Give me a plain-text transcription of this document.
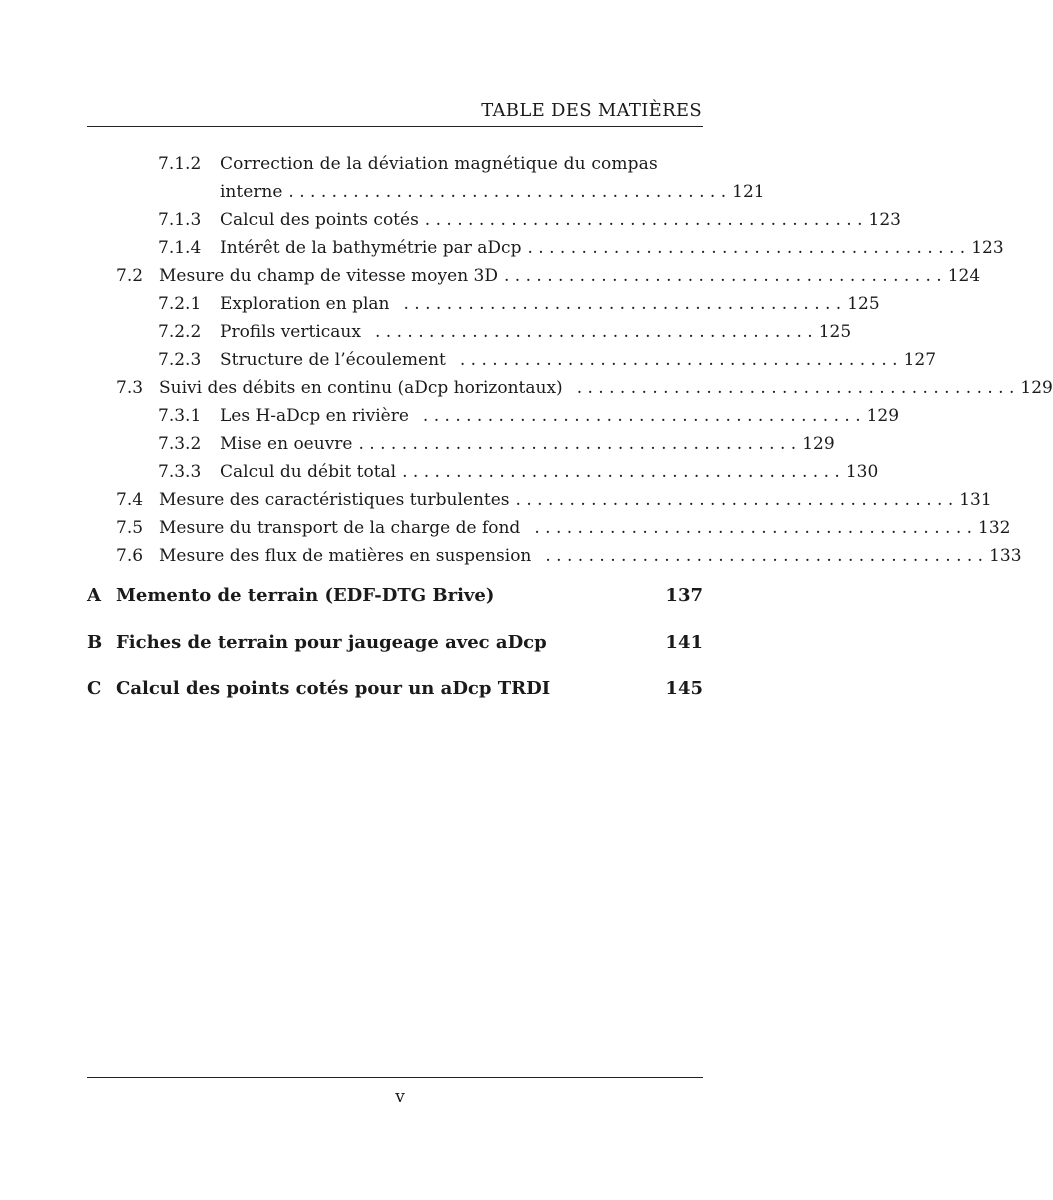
TABLE DES MATIÈRES
7.1.2 Correction de la déviation magnétique du compas
interne . . . . . . . . . . . . . . . . . . . . . . . . . . . . . . . . . . . . . . . . . 121
7.1.3 Calcul des points cotés . . . . . . . . . . . . . . . . . . . . . . . . . . . . . . . . . . . . . . . . . 123
7.1.4 Intérêt de la bathymétrie par aDcp . . . . . . . . . . . . . . . . . . . . . . . . . . . . . . . . . . . . . . . . . 123
7.2 Mesure du champ de vitesse moyen 3D . . . . . . . . . . . . . . . . . . . . . . . . . . . . . . . . . . . . . . . . . 124
7.2.1 Exploration en plan . . . . . . . . . . . . . . . . . . . . . . . . . . . . . . . . . . . . . . . . . 125
7.2.2 Profils verticaux . . . . . . . . . . . . . . . . . . . . . . . . . . . . . . . . . . . . . . . . . 125
7.2.3 Structure de l’écoulement . . . . . . . . . . . . . . . . . . . . . . . . . . . . . . . . . . . . . . . . . 127
7.3 Suivi des débits en continu (aDcp horizontaux) . . . . . . . . . . . . . . . . . . . . . . . . . . . . . . . . . . . . . . . . . 129
7.3.1 Les H-aDcp en rivière . . . . . . . . . . . . . . . . . . . . . . . . . . . . . . . . . . . . . . . . . 129
7.3.2 Mise en oeuvre . . . . . . . . . . . . . . . . . . . . . . . . . . . . . . . . . . . . . . . . . 129
7.3.3 Calcul du débit total . . . . . . . . . . . . . . . . . . . . . . . . . . . . . . . . . . . . . . . . . 130
7.4 Mesure des caractéristiques turbulentes . . . . . . . . . . . . . . . . . . . . . . . . . . . . . . . . . . . . . . . . . 131
7.5 Mesure du transport de la charge de fond . . . . . . . . . . . . . . . . . . . . . . . . . . . . . . . . . . . . . . . . . 132
7.6 Mesure des flux de matières en suspension . . . . . . . . . . . . . . . . . . . . . . . . . . . . . . . . . . . . . . . . . 133
A Memento de terrain (EDF-DTG Brive)	137
B Fiches de terrain pour jaugeage avec aDcp	141
C Calcul des points cotés pour un aDcp TRDI	145
v
